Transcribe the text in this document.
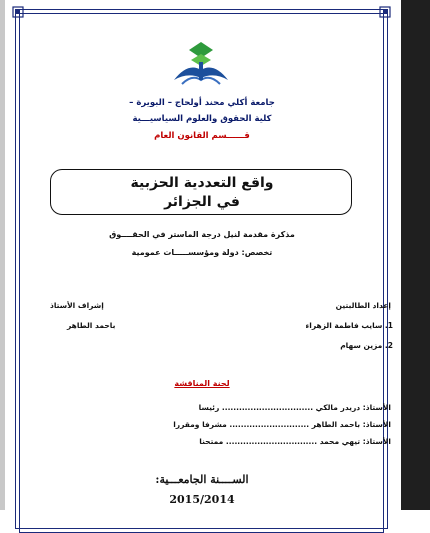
جامعة أكلي محند أولحاج – البويرة –
كلية الحقوق والعلوم السياسيـــية
قــــــسم القانون العام
واقع التعددية الحزبية
في الجزائر
مذكرة مقدمة لنيل درجة الماستر في الحقــــوق
تخصص: دولة ومؤسســـــات عمومية
إعداد الطالبتين
إشراف الأستاذ
1. سايب فاطمة الزهراء
باحمد الطاهر
2. مزين سهام
لجنة المناقشة
الأستاذ: دريدر مالكي ................................ رئيسا
الأستاذ: باحمد الطاهر ............................ مشرفا ومقررا
الأستاذ: تيهي محمد ................................ ممتحنا
الســــنة الجامعـــية:
2015/2014
